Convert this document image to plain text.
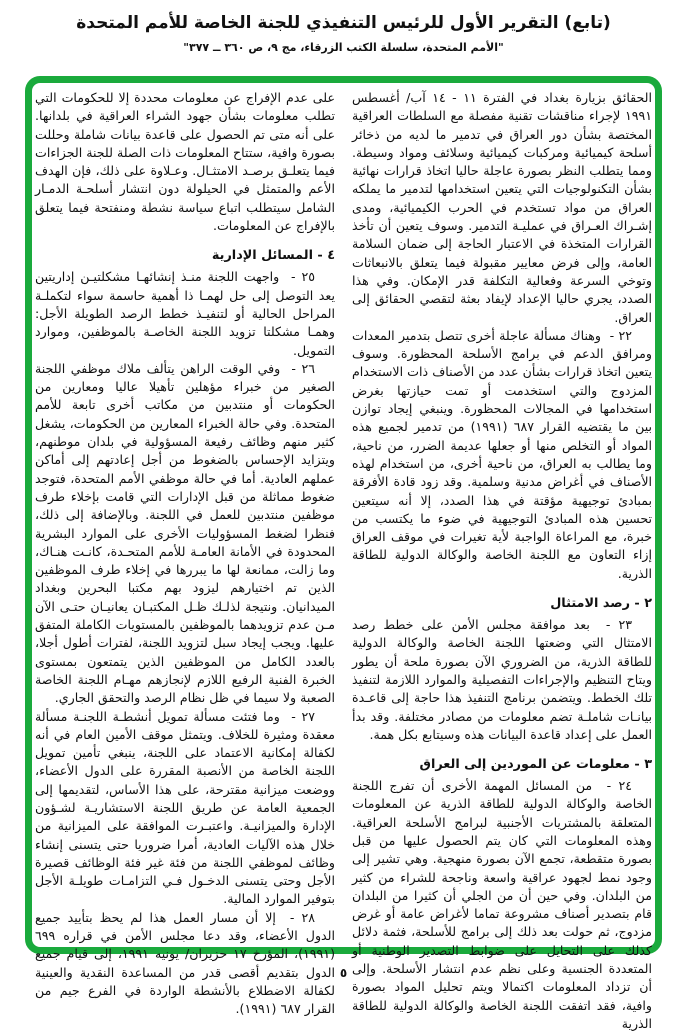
(تابع) التقرير الأول للرئيس التنفيذي للجنة الخاصة للأمم المتحدة
"الأمم المتحدة، سلسلة الكتب الزرقاء، مج ٩، ص ٣٦٠ ــ ٣٧٧"

الحقائق بزيارة بغداد في الفترة ١١ - ١٤ آب/ أغسطس ١٩٩١ لإجراء مناقشات تقنية مفصلة مع السلطات العراقية المختصة بشأن دور العراق في تدمير ما لديه من ذخائر أسلحة كيميائية ومركبات كيميائية وسلائف ومواد وسيطة. ومما يتطلب النظر بصورة عاجلة حاليا اتخاذ قرارات نهائية بشأن التكنولوجيات التي يتعين استخدامها لتدمير ما يملكه العراق من مواد تستخدم في الحرب الكيميائية، ومدى إشـراك العـراق في عمليـة التدمير. وسوف يتعين أن تأخذ القرارات المتخذة في الاعتبار الحاجة إلى ضمان السلامة العامة، وإلى فرض معايير مقبولة فيما يتعلق بالانبعاثات وتوخي السرعة وفعالية التكلفة قدر الإمكان. وفي هذا الصدد، يجري حاليا الإعداد لإيفاد بعثة لتقصي الحقائق إلى العراق.

٢٢ -  وهناك مسألة عاجلة أخرى تتصل بتدمير المعدات ومرافق الدعم في برامج الأسلحة المحظورة. وسوف يتعين اتخاذ قرارات بشأن عدد من الأصناف ذات الاستخدام المزدوج والتي استخدمت أو تمت حيازتها بغرض استخدامها في المجالات المحظورة. وينبغي إيجاد توازن بين ما يقتضيه القرار ٦٨٧ (١٩٩١) من تدمير لجميع هذه المواد أو التخلص منها أو جعلها عديمة الضرر، من ناحية، وما يطالب به العراق، من ناحية أخرى، من استخدام لهذه الأصناف في أغراض مدنية وسلمية. وقد زود قادة الأفرقة بمبادئ توجيهية مؤقتة في هذا الصدد، إلا أنه سيتعين تحسين هذه المبادئ التوجيهية في ضوء ما يكتسب من خبرة، مع المراعاة الواجبة لأية تغيرات في موقف العراق إزاء التعاون مع اللجنة الخاصة والوكالة الدولية للطاقة الذرية.

٢ - رصد الامتثال

٢٣ -  بعد موافقة مجلس الأمن على خطط رصد الامتثال التي وضعتها اللجنة الخاصة والوكالة الدولية للطاقة الذرية، من الضروري الآن بصورة ملحة أن يطور ويتاح التنظيم والإجراءات التفصيلية والموارد اللازمة لتنفيذ تلك الخطط. ويتضمن برنامج التنفيذ هذا حاجة إلى قاعـدة بيانـات شاملـة تضم معلومات من مصادر مختلفة. وقد بدأ العمل على إعداد قاعدة البيانات هذه وسيتابع بكل همة.

٣ - معلومات عن الموردين إلى العراق

٢٤ -  من المسائل المهمة الأخرى أن تفرج اللجنة الخاصة والوكالة الدولية للطاقة الذرية عن المعلومات المتعلقة بالمشتريات الأجنبية لبرامج الأسلحة العراقية. وهذه المعلومات التي كان يتم الحصول عليها من قبل بصورة متقطعة، تجمع الآن بصورة منهجية. وهي تشير إلى وجود نمط لجهود عراقية واسعة وناجحة للشراء من كثير من البلدان. وفي حين أن من الجلي أن كثيرا من البلدان قام بتصدير أصناف مشروعة تماما لأغراض عامة أو غرض مزدوج، ثم حولت بعد ذلك إلى برامج للأسلحة، فثمة دلائل كذلك على التحايل على ضوابط التصدير الوطنية أو المتعددة الجنسية وعلى نظم عدم انتشار الأسلحة. وإلى أن تزداد المعلومات اكتمالا ويتم تحليل المواد بصورة وافية، فقد اتفقت اللجنة الخاصة والوكالة الدولية للطاقة الذرية

على عدم الإفراج عن معلومات محددة إلا للحكومات التي تطلب معلومات بشأن جهود الشراء العراقية في بلدانها. على أنه متى تم الحصول على قاعدة بيانات شاملة وحللت بصورة وافية، ستتاح المعلومات ذات الصلة للجنة الجزاءات فيما يتعلـق برصـد الامتثـال. وعـلاوة على ذلك، فإن الهدف الأعم والمتمثل في الحيلولة دون انتشار أسلحـة الدمـار الشامل سيتطلب اتباع سياسة نشطة ومنفتحة فيما يتعلق بالإفراج عن المعلومات.

٤ - المسائل الإدارية

٢٥ -  واجهت اللجنة منـذ إنشائهـا مشكلتيـن إداريتين يعد التوصل إلى حل لهمـا ذا أهمية حاسمة سواء لتكملـة المراحل الحالية أو لتنفيـذ خطط الرصد الطويلة الأجل: وهمـا مشكلتا تزويد اللجنة الخاصـة بالموظفين، وموارد التمويل.

٢٦ -  وفي الوقت الراهن يتألف ملاك موظفي اللجنة الصغير من خبراء مؤهلين تأهيلا عاليا ومعارين من الحكومات أو منتدبين من مكاتب أخرى تابعة للأمم المتحدة. وفي حالة الخبراء المعارين من الحكومات، يشغل كثير منهم وظائف رفيعة المسؤولية في بلدان موطنهم، ويتزايد الإحساس بالضغوط من أجل إعادتهم إلى أماكن عملهم العادية. أما في حالة موظفي الأمم المتحدة، فتوجد ضغوط مماثلة من قبل الإدارات التي قامت بإخلاء طرف موظفين منتدبين للعمل في اللجنة. وبالإضافة إلى ذلك، فنظرا لضغط المسؤوليات الأخرى على الموارد البشرية المحدودة في الأمانة العامـة للأمم المتحـدة، كانـت هنـاك، وما زالت، ممانعة لها ما يبررها في إخلاء طرف الموظفين الذين تم اختيارهم ليزود بهم مكتبا البحرين وبغداد الميدانيان. ونتيجة لذلـك ظـل المكتبـان يعانيـان حتـى الآن مـن عدم تزويدهما بالموظفين بالمستويات الكاملة المتفق عليها. ويجب إيجاد سبل لتزويد اللجنة، لفترات أطول أجلا، بالعدد الكامل من الموظفين الذين يتمتعون بمستوى الخبرة الفنية الرفيع اللازم لإنجازهم مهـام اللجنة الخاصة الصعبة ولا سيما في ظل نظام الرصد والتحقق الجاري.

٢٧ -  وما فتئت مسألة تمويل أنشطـة اللجنـة مسألة معقدة ومثيرة للخلاف. ويتمثل موقف الأمين العام في أنه لكفالة إمكانية الاعتماد على اللجنة، ينبغي تأمين تمويل اللجنة الخاصة من الأنصبة المقررة على الدول الأعضاء، ووضعت ميزانية مقترحة، على هذا الأساس، لتقديمها إلى الجمعية العامة عن طريق اللجنة الاستشاريـة لشـؤون الإدارة والميزانيـة. واعتبـرت الموافقة على الميزانية من خلال هذه الآليات العادية، أمرا ضروريا حتى يتسنى إنشاء وظائف لموظفي اللجنة من فئة غير فئة الوظائف قصيرة الأجل وحتى يتسنى الدخـول فـي التزامـات طويلـة الأجل بتوفير الموارد المالية.

٢٨ -  إلا أن مسار العمل هذا لم يحظ بتأييد جميع الدول الأعضاء، وقد دعا مجلس الأمن في قراره ٦٩٩ (١٩٩١)، المؤرخ ١٧ حزيران/ يونيه ١٩٩١، إلى قيام جميع الدول بتقديم أقصى قدر من المساعدة النقدية والعينية لكفالة الاضطلاع بالأنشطة الواردة في الفرع جيم من القرار ٦٨٧ (١٩٩١).

٥
